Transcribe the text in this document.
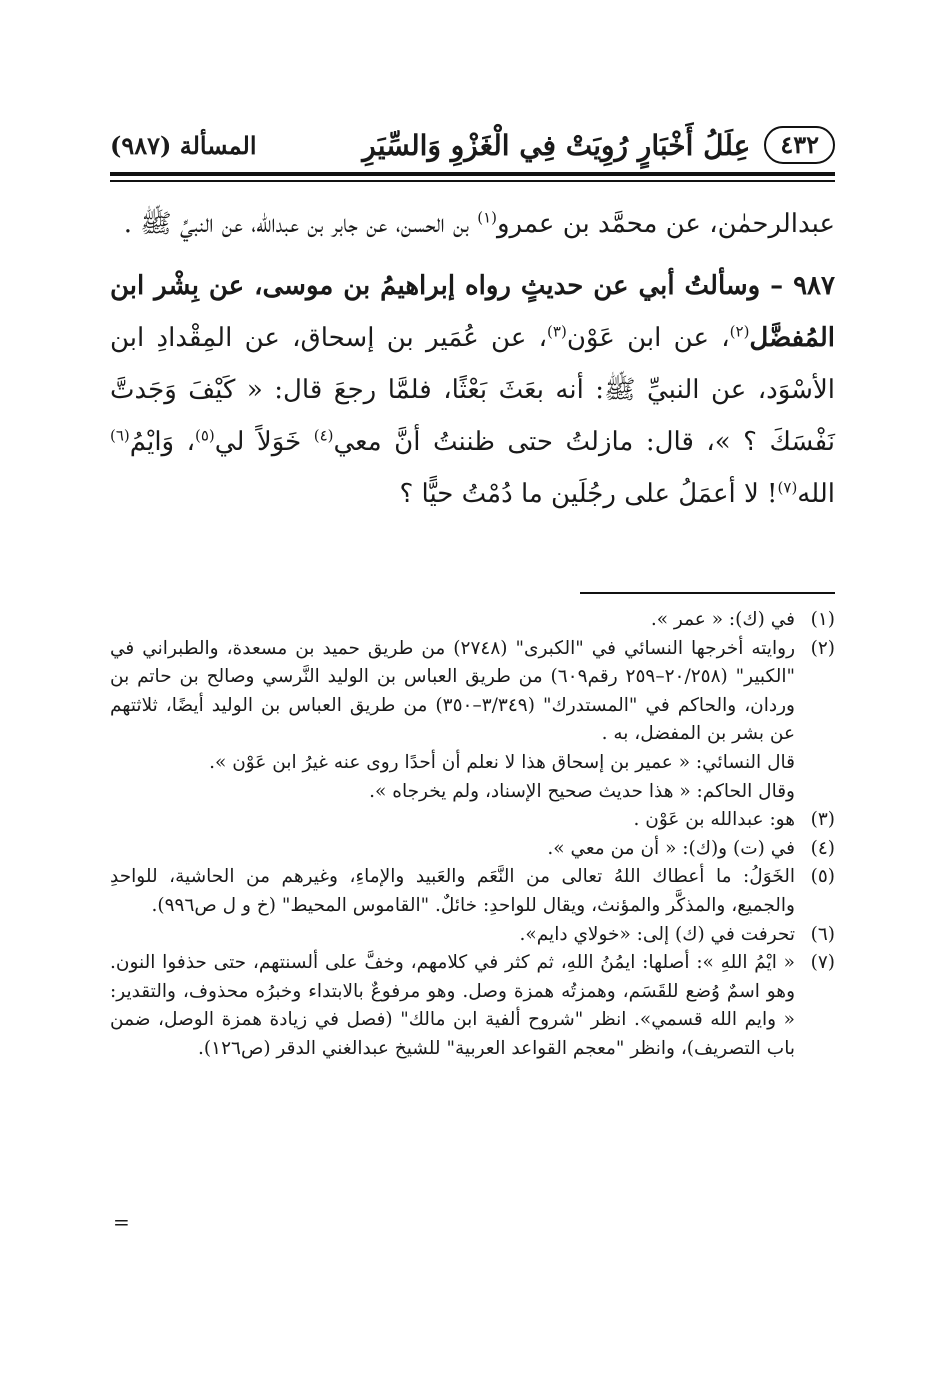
٤٣٢
عِلَلُ أَخْبَارٍ رُوِيَتْ فِي الْغَزْوِ وَالسِّيَرِ
المسألة (٩٨٧)

عبدالرحمٰن، عن محمَّد بن عمرو$^{(١)}$ بن الحسن، عن جابر بن عبدالله، عن النبيِّ ﷺ .

٩٨٧ – وسألتُ أبي عن حديثٍ رواه إبراهيمُ بن موسى، عن بِشْر ابن المُفضَّل$^{(٢)}$، عن ابن عَوْن$^{(٣)}$، عن عُمَير بن إسحاق، عن المِقْدادِ ابن الأسْوَد، عن النبيِّ ﷺ: أنه بعَثَ بَعْثًا، فلمَّا رجعَ قال: « كَيْفَ وَجَدتَّ نَفْسَكَ ؟ »، قال: مازلتُ حتى ظننتُ أنَّ معي$^{(٤)}$ خَوَلاً لي$^{(٥)}$، وَايْمُ$^{(٦)}$ الله$^{(٧)}$! لا أعمَلُ على رجُلَين ما دُمْتُ حيًّا ؟

(١)
في (ك): « عمر ».
(٢)
روايته أخرجها النسائي في "الكبرى" (٢٧٤٨) من طريق حميد بن مسعدة، والطبراني في "الكبير" (٢٠/٢٥٨–٢٥٩ رقم٦٠٩) من طريق العباس بن الوليد النَّرسي وصالح بن حاتم بن وردان، والحاكم في "المستدرك" (٣/٣٤٩–٣٥٠) من طريق العباس بن الوليد أيضًا، ثلاثتهم عن بشر بن المفضل، به .
قال النسائي: « عمير بن إسحاق هذا لا نعلم أن أحدًا روى عنه غيرُ ابن عَوْن ».
وقال الحاكم: « هذا حديث صحيح الإسناد، ولم يخرجاه ».
(٣)
هو: عبدالله بن عَوْن .
(٤)
في (ت) و(ك): « أن من معي ».
(٥)
الخَوَلُ: ما أعطاك اللهُ تعالى من النَّعَم والعَبيد والإماءِ، وغيرهم من الحاشية، للواحدِ والجميع، والمذكَّر والمؤنث، ويقال للواحدِ: خائلٌ. "القاموس المحيط" (خ و ل ص٩٩٦).
(٦)
تحرفت في (ك) إلى: «خولاي دايم».
(٧)
« ايْمُ اللهِ »: أصلها: ايمُنُ اللهِ، ثم كثر في كلامهم، وخفَّ على ألسنتهم، حتى حذفوا النون. وهو اسمٌ وُضع للقَسَم، وهمزتُه همزة وصل. وهو مرفوعٌ بالابتداء وخبرُه محذوف، والتقدير: « وايم الله قسمي». انظر "شروح ألفية ابن مالك" (فصل في زيادة همزة الوصل، ضمن باب التصريف)، وانظر "معجم القواعد العربية" للشيخ عبدالغني الدقر (ص١٢٦).
=
